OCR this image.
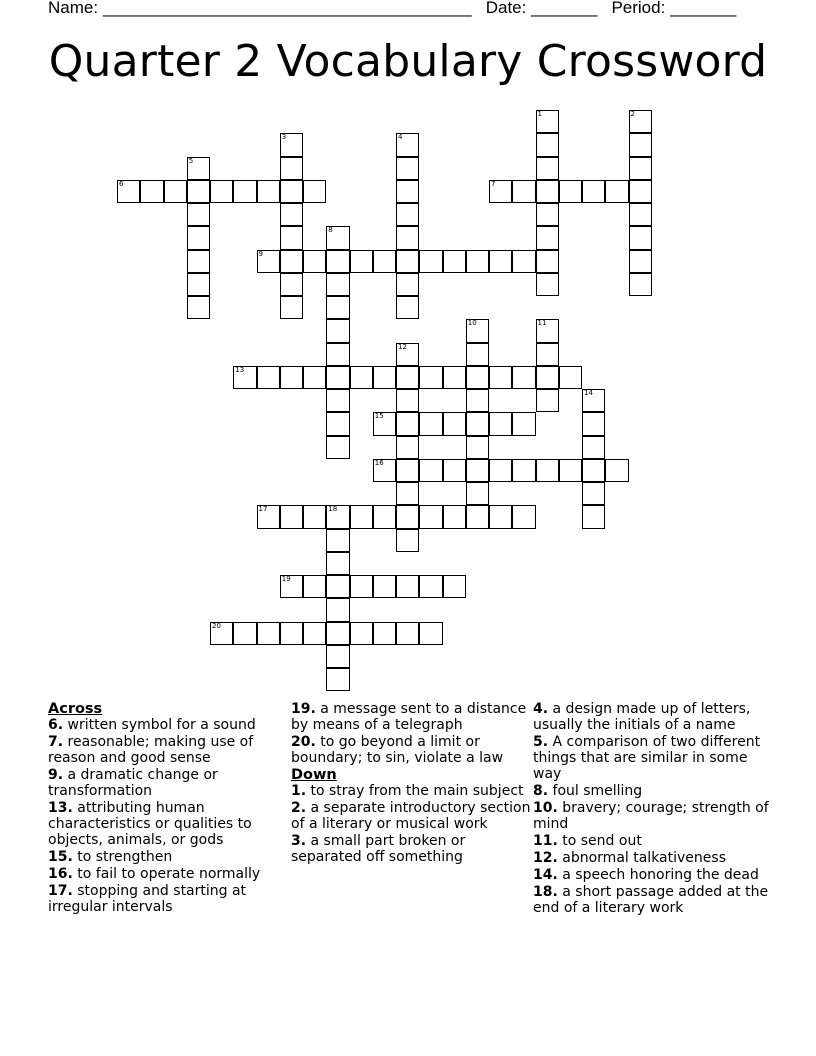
Name: _______________________________________ Date: _______ Period: _______
Quarter 2 Vocabulary Crossword
1	2
3	4
5
6	7
8
9
10	11
12
13
14
15
16
17	18
19
20
Across
6. written symbol for a sound
7. reasonable; making use of reason and good sense
9. a dramatic change or transformation
13. attributing human characteristics or qualities to objects, animals, or gods
15. to strengthen
16. to fail to operate normally
17. stopping and starting at irregular intervals
19. a message sent to a distance by means of a telegraph
20. to go beyond a limit or boundary; to sin, violate a law
Down
1. to stray from the main subject
2. a separate introductory section of a literary or musical work
3. a small part broken or separated off something
4. a design made up of letters, usually the initials of a name
5. A comparison of two different things that are similar in some way
8. foul smelling
10. bravery; courage; strength of mind
11. to send out
12. abnormal talkativeness
14. a speech honoring the dead
18. a short passage added at the end of a literary work
